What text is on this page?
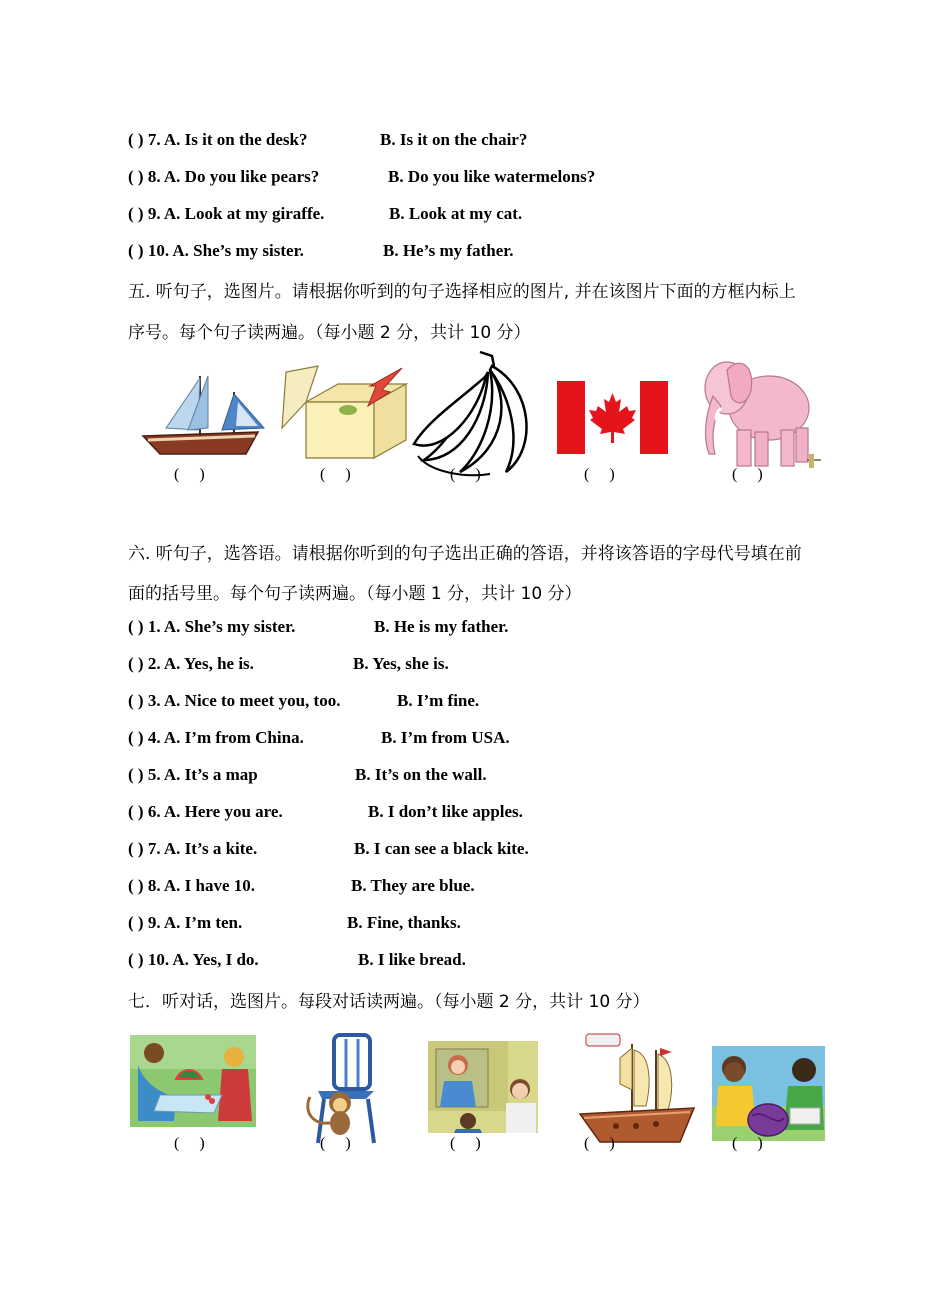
( ) 7. A. Is it on the desk?	B. Is it on the chair?
( ) 8. A. Do you like pears?	B. Do you like watermelons?
( ) 9. A. Look at my giraffe.	B. Look at my cat.
( ) 10. A. She’s my sister.	B. He’s my father.
五. 听句子，选图片。请根据你听到的句子选择相应的图片, 并在该图片下面的方框内标上
序号。每个句子读两遍。（每小题 2 分，共计 10 分）
(     )	(     )	(     )	(     )	(     )
六. 听句子，选答语。请根据你听到的句子选出正确的答语，并将该答语的字母代号填在前
面的括号里。每个句子读两遍。（每小题 1 分，共计 10 分）
( ) 1. A. She’s my sister.	B. He is my father.
( ) 2. A. Yes, he is.	B. Yes, she is.
( ) 3. A. Nice to meet you, too.	B. I’m fine.
( ) 4. A. I’m from China.	B. I’m from USA.
( ) 5. A. It’s a map	B. It’s on the wall.
( ) 6. A. Here you are.	B. I don’t like apples.
( ) 7. A. It’s a kite.	B. I can see a black kite.
( ) 8. A. I have 10.	B. They are blue.
( ) 9. A. I’m ten.	B. Fine, thanks.
( ) 10. A. Yes, I do.	B. I like bread.
七．听对话，选图片。每段对话读两遍。（每小题 2 分，共计 10 分）
(     )	(     )	(     )	(     )	(     )
